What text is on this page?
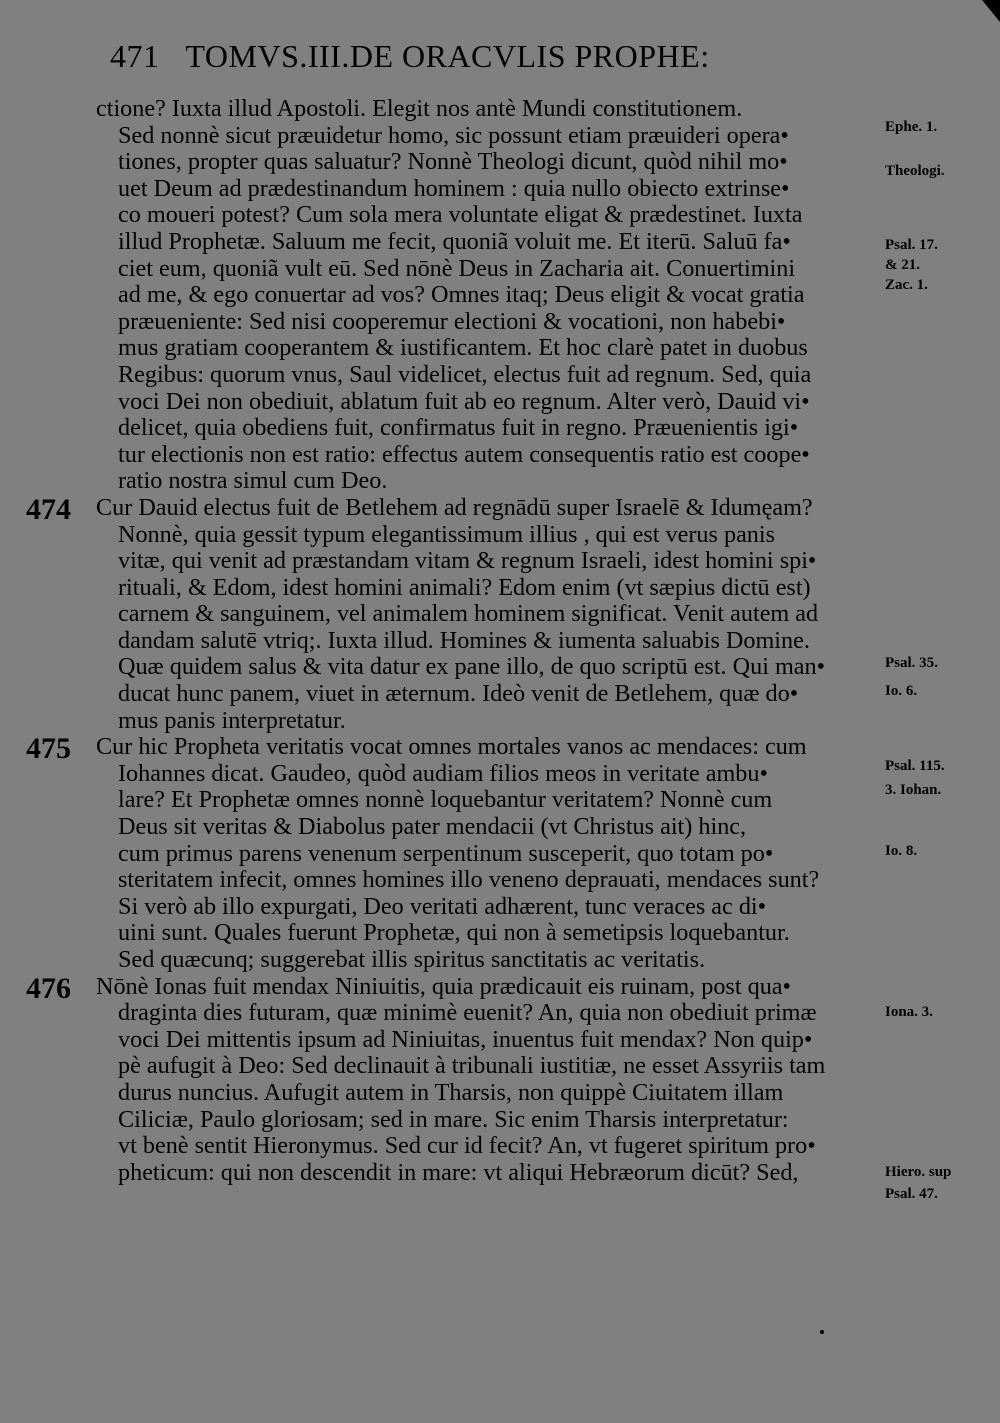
471 TOMVS.III.DE ORACVLIS PROPHE:
ctione? Iuxta illud Apostoli. Elegit nos antè Mundi constitutionem.
Sed nonnè sicut præuidetur homo, sic possunt etiam præuideri opera•
tiones, propter quas saluatur? Nonnè Theologi dicunt, quòd nihil mo•
uet Deum ad prædestinandum hominem : quia nullo obiecto extrinse•
co moueri potest? Cum sola mera voluntate eligat & prædestinet. Iuxta
illud Prophetæ. Saluum me fecit, quoniã voluit me. Et iterū. Saluū fa•
ciet eum, quoniã vult eū. Sed nōnè Deus in Zacharia ait. Conuertimini
ad me, & ego conuertar ad vos? Omnes itaq; Deus eligit & vocat gratia
præueniente: Sed nisi cooperemur electioni & vocationi, non habebi•
mus gratiam cooperantem & iustificantem. Et hoc clarè patet in duobus
Regibus: quorum vnus, Saul videlicet, electus fuit ad regnum. Sed, quia
voci Dei non obediuit, ablatum fuit ab eo regnum. Alter verò, Dauid vi•
delicet, quia obediens fuit, confirmatus fuit in regno. Præuenientis igi•
tur electionis non est ratio: effectus autem consequentis ratio est coope•
ratio nostra simul cum Deo.
474	Cur Dauid electus fuit de Betlehem ad regnādū super Israelē & Idumęam?
Nonnè, quia gessit typum elegantissimum illius , qui est verus panis
vitæ, qui venit ad præstandam vitam & regnum Israeli, idest homini spi•
rituali, & Edom, idest homini animali? Edom enim (vt sæpius dictū est)
carnem & sanguinem, vel animalem hominem significat. Venit autem ad
dandam salutē vtriq;. Iuxta illud. Homines & iumenta saluabis Domine.
Quæ quidem salus & vita datur ex pane illo, de quo scriptū est. Qui man•
ducat hunc panem, viuet in æternum. Ideò venit de Betlehem, quæ do•
mus panis interpretatur.
475	Cur hic Propheta veritatis vocat omnes mortales vanos ac mendaces: cum
Iohannes dicat. Gaudeo, quòd audiam filios meos in veritate ambu•
lare? Et Prophetæ omnes nonnè loquebantur veritatem? Nonnè cum
Deus sit veritas & Diabolus pater mendacii (vt Christus ait) hinc,
cum primus parens venenum serpentinum susceperit, quo totam po•
steritatem infecit, omnes homines illo veneno deprauati, mendaces sunt?
Si verò ab illo expurgati, Deo veritati adhærent, tunc veraces ac di•
uini sunt. Quales fuerunt Prophetæ, qui non à semetipsis loquebantur.
Sed quæcunq; suggerebat illis spiritus sanctitatis ac veritatis.
476	Nōnè Ionas fuit mendax Niniuitis, quia prædicauit eis ruinam, post qua•
draginta dies futuram, quæ minimè euenit? An, quia non obediuit primæ
voci Dei mittentis ipsum ad Niniuitas, inuentus fuit mendax? Non quip•
pè aufugit à Deo: Sed declinauit à tribunali iustitiæ, ne esset Assyriis tam
durus nuncius. Aufugit autem in Tharsis, non quippè Ciuitatem illam
Ciliciæ, Paulo gloriosam; sed in mare. Sic enim Tharsis interpretatur:
vt benè sentit Hieronymus. Sed cur id fecit? An, vt fugeret spiritum pro•
pheticum: qui non descendit in mare: vt aliqui Hebræorum dicūt? Sed,
Ephe. 1.
Theologi.
Psal. 17.
& 21.
Zac. 1.
Psal. 35.
Io. 6.
Psal. 115.
3. Iohan.
Io. 8.
Iona. 3.
Hiero. sup
Psal. 47.
